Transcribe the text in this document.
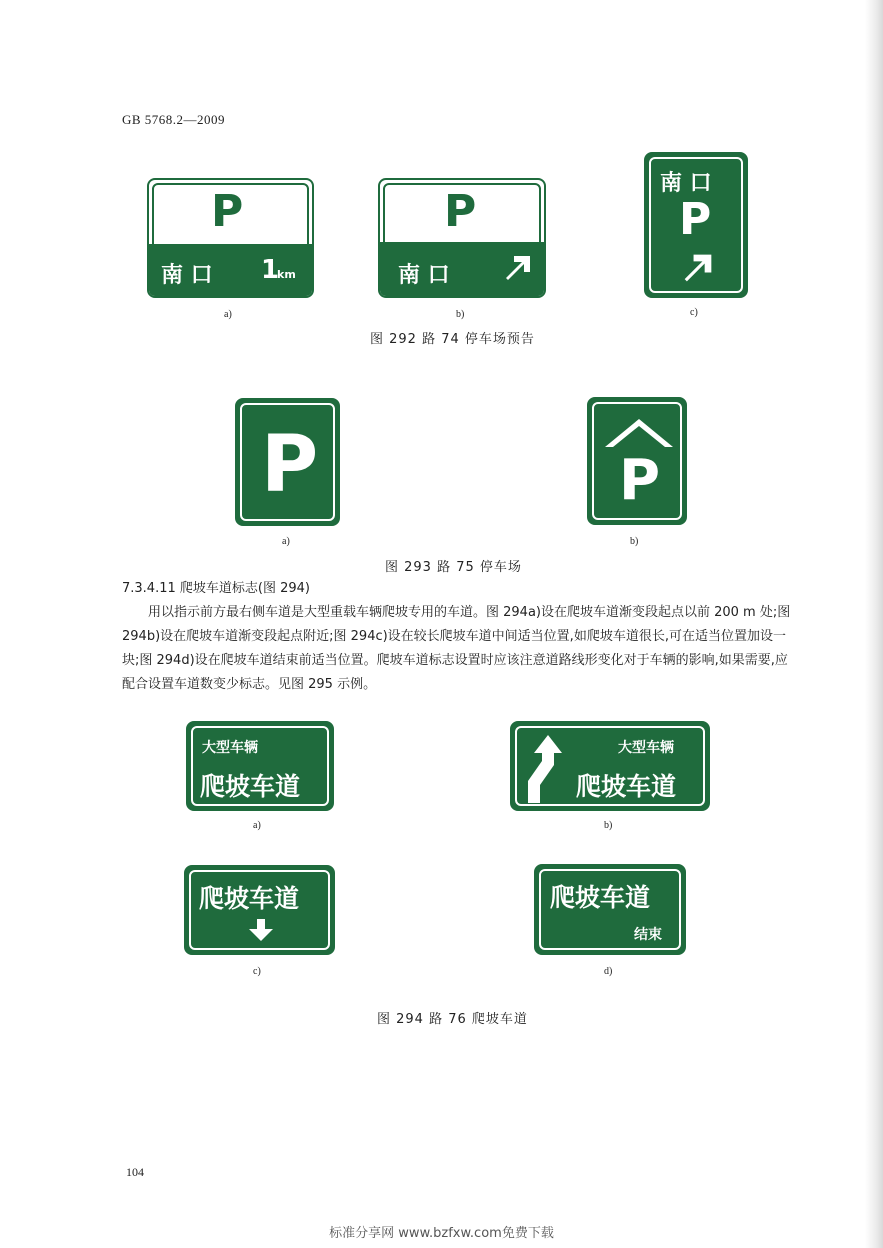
GB 5768.2—2009
P
南 口 1
km
a)
P
南 口
b)
南 口
P
c)
图 292 路 74 停车场预告
P
a)
P
b)
图 293 路 75 停车场
7.3.4.11 爬坡车道标志(图 294)
用以指示前方最右侧车道是大型重载车辆爬坡专用的车道。图 294a)设在爬坡车道渐变段起点以前 200 m 处;图 294b)设在爬坡车道渐变段起点附近;图 294c)设在较长爬坡车道中间适当位置,如爬坡车道很长,可在适当位置加设一块;图 294d)设在爬坡车道结束前适当位置。爬坡车道标志设置时应该注意道路线形变化对于车辆的影响,如果需要,应配合设置车道数变少标志。见图 295 示例。
大型车辆
爬坡车道
a)
大型车辆
爬坡车道
b)
爬坡车道
c)
爬坡车道
结束
d)
图 294 路 76 爬坡车道
104
标准分享网 www.bzfxw.com免费下载
